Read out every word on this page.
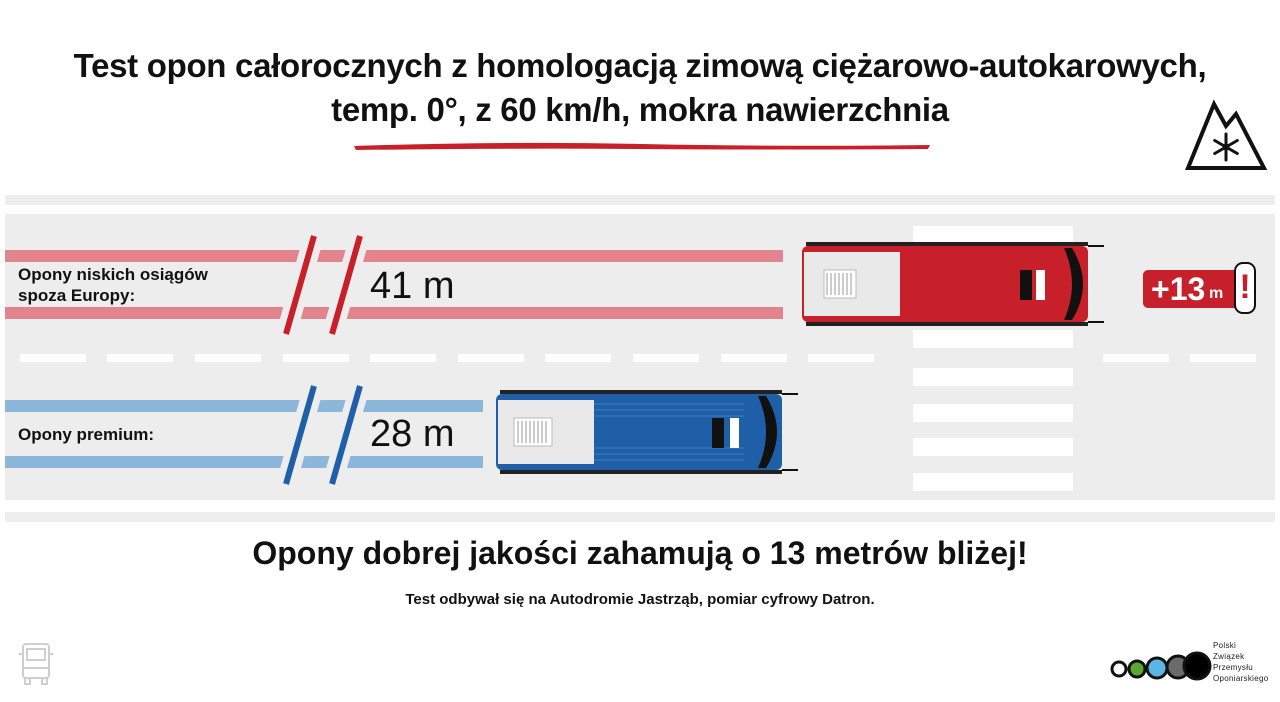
Test opon całorocznych z homologacją zimową ciężarowo-autokarowych,
temp. 0°, z 60 km/h, mokra nawierzchnia
Opony niskich osiągów
spoza Europy:	41 m	+13 m !
Opony premium:	28 m
Opony dobrej jakości zahamują o 13 metrów bliżej!
Test odbywał się na Autodromie Jastrząb, pomiar cyfrowy Datron.
Polski
Związek
Przemysłu
Oponiarskiego
